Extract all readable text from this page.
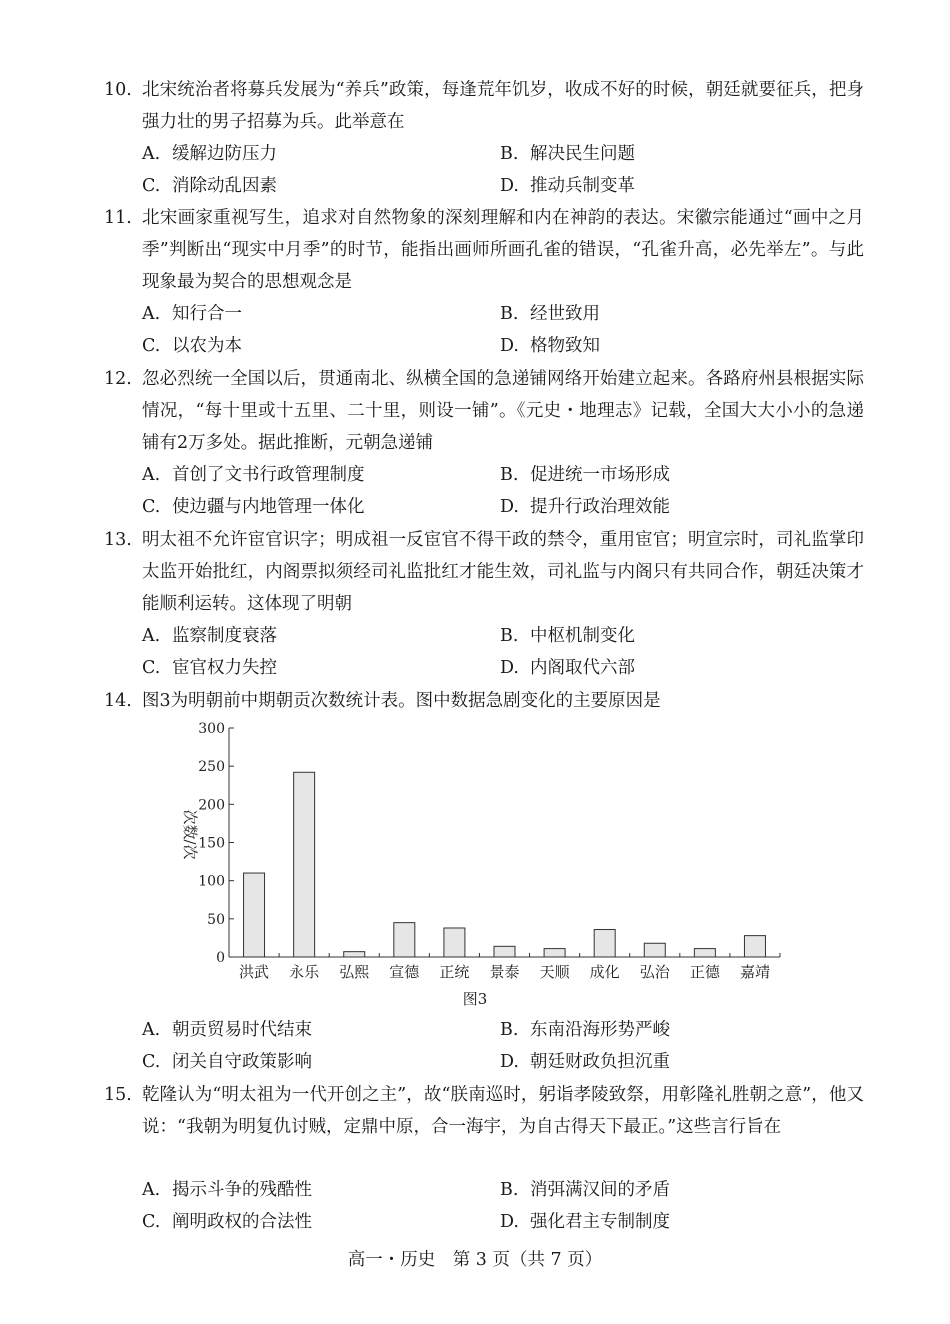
10. 北宋统治者将募兵发展为“养兵”政策，每逢荒年饥岁，收成不好的时候，朝廷就要征兵，把身强力壮的男子招募为兵。此举意在
A. 缓解边防压力	B. 解决民生问题
C. 消除动乱因素	D. 推动兵制变革
11. 北宋画家重视写生，追求对自然物象的深刻理解和内在神韵的表达。宋徽宗能通过“画中之月季”判断出“现实中月季”的时节，能指出画师所画孔雀的错误，“孔雀升高，必先举左”。与此现象最为契合的思想观念是
A. 知行合一	B. 经世致用
C. 以农为本	D. 格物致知
12. 忽必烈统一全国以后，贯通南北、纵横全国的急递铺网络开始建立起来。各路府州县根据实际情况，“每十里或十五里、二十里，则设一铺”。《元史・地理志》记载，全国大大小小的急递铺有2万多处。据此推断，元朝急递铺
A. 首创了文书行政管理制度	B. 促进统一市场形成
C. 使边疆与内地管理一体化	D. 提升行政治理效能
13. 明太祖不允许宦官识字；明成祖一反宦官不得干政的禁令，重用宦官；明宣宗时，司礼监掌印太监开始批红，内阁票拟须经司礼监批红才能生效，司礼监与内阁只有共同合作，朝廷决策才能顺利运转。这体现了明朝
A. 监察制度衰落	B. 中枢机制变化
C. 宦官权力失控	D. 内阁取代六部
14. 图3为明朝前中期朝贡次数统计表。图中数据急剧变化的主要原因是
0
50
100
150
200
250
300
次数/次
洪武 永乐 弘熙 宣德 正统 景泰 天顺 成化 弘治 正德 嘉靖
图3
A. 朝贡贸易时代结束	B. 东南沿海形势严峻
C. 闭关自守政策影响	D. 朝廷财政负担沉重
15. 乾隆认为“明太祖为一代开创之主”，故“朕南巡时，躬诣孝陵致祭，用彰隆礼胜朝之意”，他又说：“我朝为明复仇讨贼，定鼎中原，合一海宇，为自古得天下最正。”这些言行旨在
A. 揭示斗争的残酷性	B. 消弭满汉间的矛盾
C. 阐明政权的合法性	D. 强化君主专制制度
高一・历史　第 3 页（共 7 页）
